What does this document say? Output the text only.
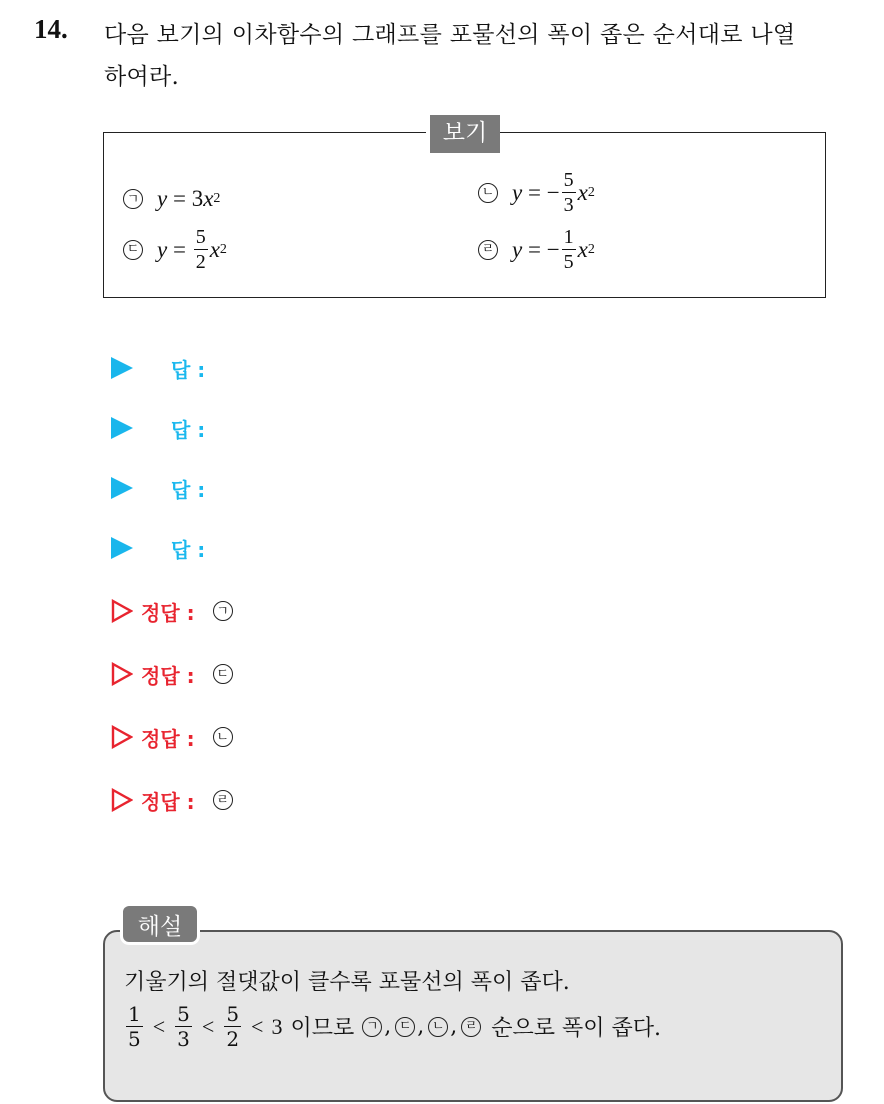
14. 다음 보기의 이차함수의 그래프를 포물선의 폭이 좁은 순서대로 나열
하여라.
보기
ㄱ y = 3 x 2	ㄴ y = − $\frac{5}{3}$ x 2
ㄷ $y = \frac{5}{2}$ x 2	ㄹ y = − $\frac{1}{5}$ x 2
답 :
답 :
답 :
답 :
정답 : ㄱ
정답 : ㄷ
정답 : ㄴ
정답 : ㄹ
해설
기울기의 절댓값이 클수록 포물선의 폭이 좁다.
$\frac{1}{5} < \frac{5}{3} < \frac{5}{2} < 3$ 이므로 ㄱ , ㄷ , ㄴ , ㄹ 순으로 폭이 좁다.
